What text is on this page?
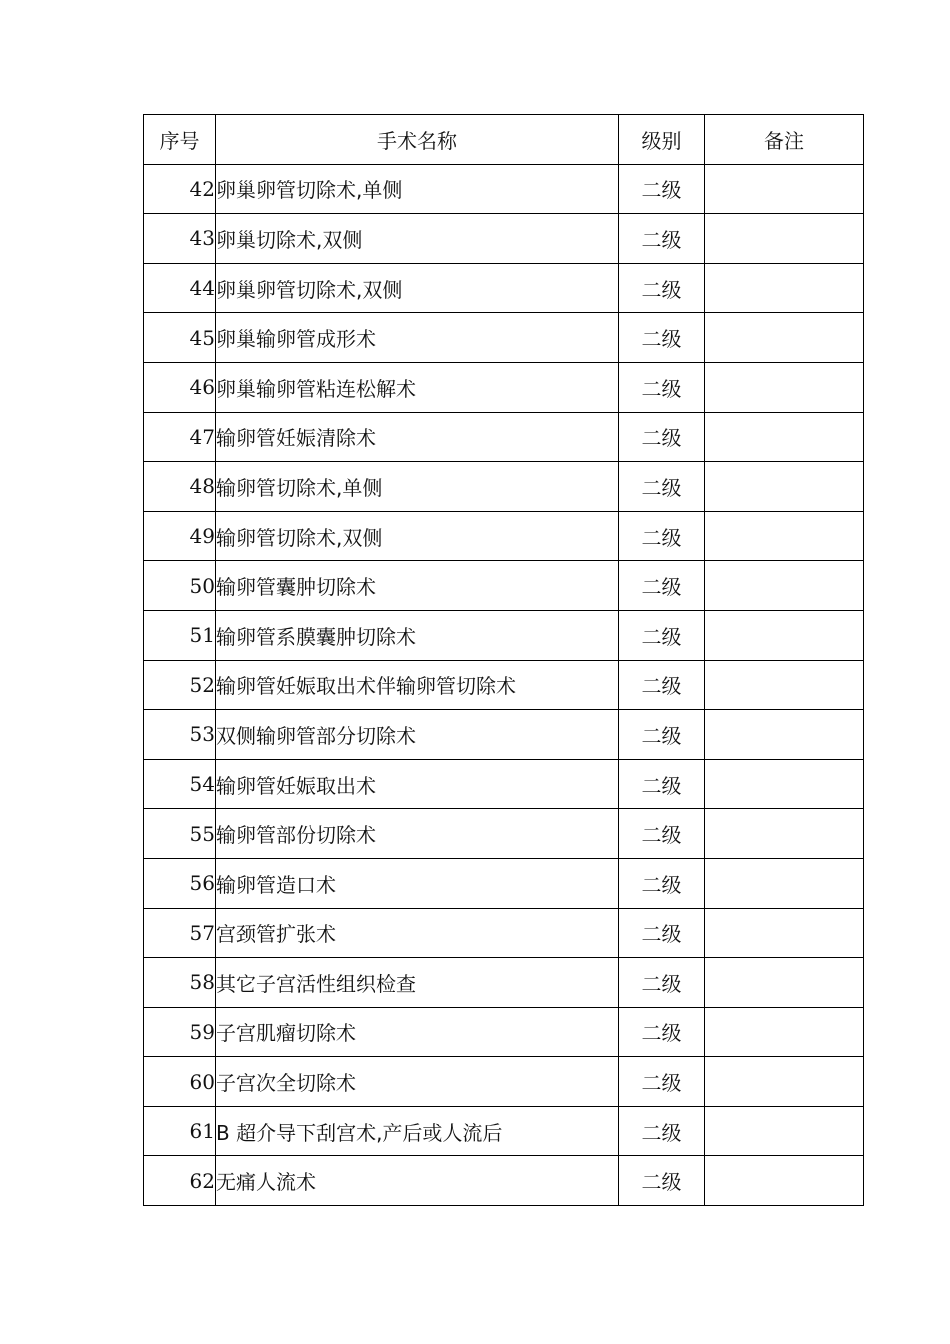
序号	手术名称	级别	备注
42	卵巢卵管切除术,单侧	二级	
43	卵巢切除术,双侧	二级	
44	卵巢卵管切除术,双侧	二级	
45	卵巢输卵管成形术	二级	
46	卵巢输卵管粘连松解术	二级	
47	输卵管妊娠清除术	二级	
48	输卵管切除术,单侧	二级	
49	输卵管切除术,双侧	二级	
50	输卵管囊肿切除术	二级	
51	输卵管系膜囊肿切除术	二级	
52	输卵管妊娠取出术伴输卵管切除术	二级	
53	双侧输卵管部分切除术	二级	
54	输卵管妊娠取出术	二级	
55	输卵管部份切除术	二级	
56	输卵管造口术	二级	
57	宫颈管扩张术	二级	
58	其它子宫活性组织检查	二级	
59	子宫肌瘤切除术	二级	
60	子宫次全切除术	二级	
61	B 超介导下刮宫术,产后或人流后	二级	
62	无痛人流术	二级	
